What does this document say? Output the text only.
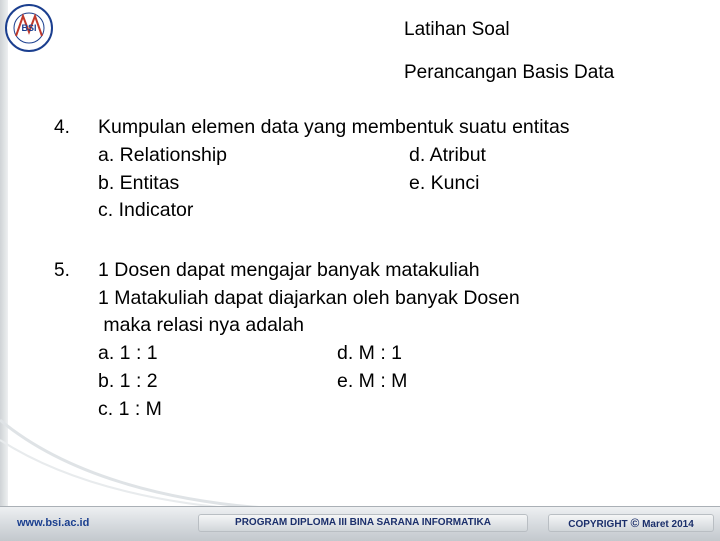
BSI	Latihan Soal
Perancangan Basis Data
4. Kumpulan elemen data yang membentuk suatu entitas
a. Relationship	d. Atribut
b. Entitas	e. Kunci
c. Indicator
5. 1 Dosen dapat mengajar banyak matakuliah
1 Matakuliah dapat diajarkan oleh banyak Dosen
maka relasi nya adalah
a. 1 : 1	d. M : 1
b. 1 : 2	e. M : M
c. 1 : M
www.bsi.ac.id	PROGRAM DIPLOMA III BINA SARANA INFORMATIKA	COPYRIGHT © Maret 2014
